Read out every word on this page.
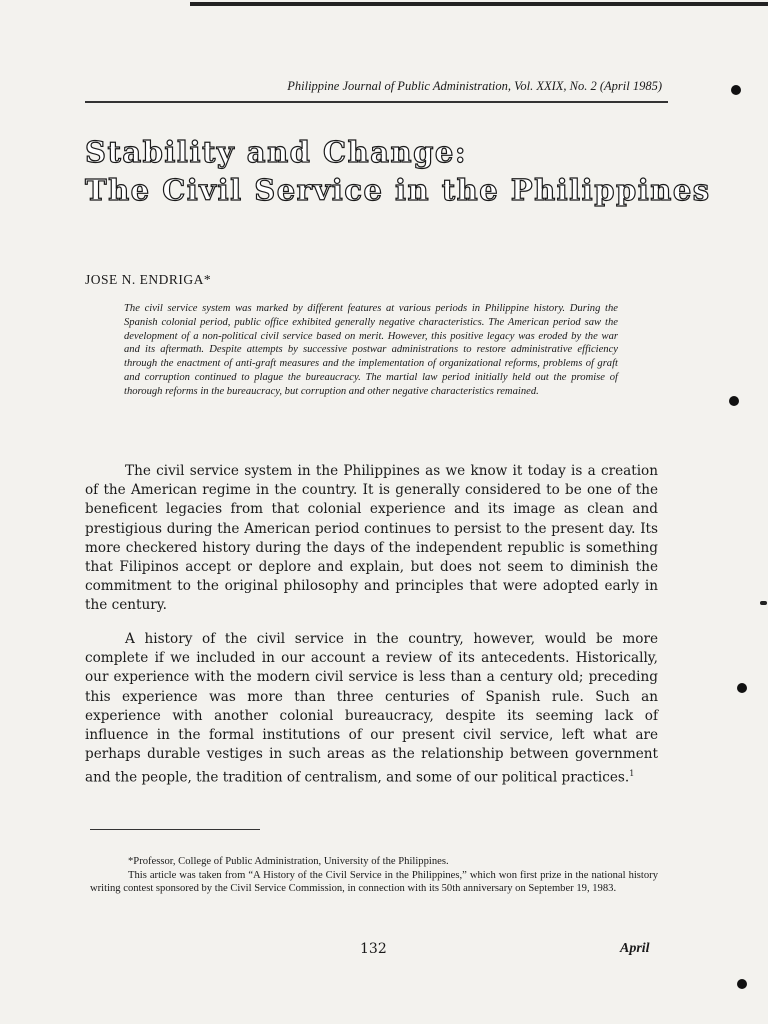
Philippine Journal of Public Administration, Vol. XXIX, No. 2 (April 1985)
Stability and Change:
The Civil Service in the Philippines
JOSE N. ENDRIGA*
The civil service system was marked by different features at various periods in Philippine history. During the Spanish colonial period, public office exhibited generally negative characteristics. The American period saw the development of a non-political civil service based on merit. However, this positive legacy was eroded by the war and its aftermath. Despite attempts by successive postwar administrations to restore administrative efficiency through the enactment of anti-graft measures and the implementation of organizational reforms, problems of graft and corruption continued to plague the bureaucracy. The martial law period initially held out the promise of thorough reforms in the bureaucracy, but corruption and other negative characteristics remained.
The civil service system in the Philippines as we know it today is a creation of the American regime in the country. It is generally considered to be one of the beneficent legacies from that colonial experience and its image as clean and prestigious during the American period continues to persist to the present day. Its more checkered history during the days of the independent republic is something that Filipinos accept or deplore and explain, but does not seem to diminish the commitment to the original philosophy and principles that were adopted early in the century.
A history of the civil service in the country, however, would be more complete if we included in our account a review of its antecedents. Historically, our experience with the modern civil service is less than a century old; preceding this experience was more than three centuries of Spanish rule. Such an experience with another colonial bureaucracy, despite its seeming lack of influence in the formal institutions of our present civil service, left what are perhaps durable vestiges in such areas as the relationship between government and the people, the tradition of centralism, and some of our political practices.$^1$

*Professor, College of Public Administration, University of the Philippines.

This article was taken from “A History of the Civil Service in the Philippines,” which won first prize in the national history writing contest sponsored by the Civil Service Commission, in connection with its 50th anniversary on September 19, 1983.

132	April
